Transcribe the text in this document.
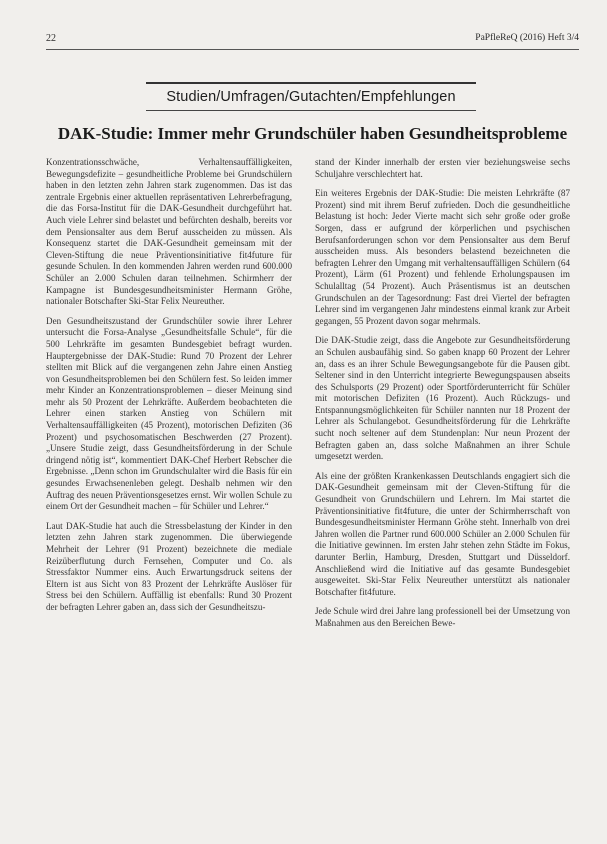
22	PaPfleReQ (2016) Heft 3/4
Studien/Umfragen/Gutachten/Empfehlungen
DAK-Studie: Immer mehr Grundschüler haben Gesundheitsprobleme

Konzentrationsschwäche, Verhaltensauffälligkeiten, Bewegungsdefizite – gesundheitliche Probleme bei Grundschülern haben in den letzten zehn Jahren stark zugenommen. Das ist das zentrale Ergebnis einer aktuellen repräsentativen Lehrerbefragung, die das Forsa-Institut für die DAK-Gesundheit durchgeführt hat. Auch viele Lehrer sind belastet und befürchten deshalb, bereits vor dem Pensionsalter aus dem Beruf ausscheiden zu müssen. Als Konsequenz startet die DAK-Gesundheit gemeinsam mit der Cleven-Stiftung die neue Präventionsinitiative fit4future für gesunde Schulen. In den kommenden Jahren werden rund 600.000 Schüler an 2.000 Schulen daran teilnehmen. Schirmherr der Kampagne ist Bundesgesundheitsminister Hermann Gröhe, nationaler Botschafter Ski-Star Felix Neureuther.

Den Gesundheitszustand der Grundschüler sowie ihrer Lehrer untersucht die Forsa-Analyse „Gesundheitsfalle Schule“, für die 500 Lehrkräfte im gesamten Bundesgebiet befragt wurden. Hauptergebnisse der DAK-Studie: Rund 70 Prozent der Lehrer stellten mit Blick auf die vergangenen zehn Jahre einen Anstieg von Gesundheitsproblemen bei den Schülern fest. So leiden immer mehr Kinder an Konzentrationsproblemen – dieser Meinung sind mehr als 50 Prozent der Lehrkräfte. Außerdem beobachteten die Lehrer einen starken Anstieg von Schülern mit Verhaltensauffälligkeiten (45 Prozent), motorischen Defiziten (36 Prozent) und psychosomatischen Beschwerden (27 Prozent). „Unsere Studie zeigt, dass Gesundheitsförderung in der Schule dringend nötig ist“, kommentiert DAK-Chef Herbert Rebscher die Ergebnisse. „Denn schon im Grundschulalter wird die Basis für ein gesundes Erwachsenenleben gelegt. Deshalb nehmen wir den Auftrag des neuen Präventionsgesetzes ernst. Wir wollen Schule zu einem Ort der Gesundheit machen – für Schüler und Lehrer.“

Laut DAK-Studie hat auch die Stressbelastung der Kinder in den letzten zehn Jahren stark zugenommen. Die überwiegende Mehrheit der Lehrer (91 Prozent) bezeichnete die mediale Reizüberflutung durch Fernsehen, Computer und Co. als Stressfaktor Nummer eins. Auch Erwartungsdruck seitens der Eltern ist aus Sicht von 83 Prozent der Lehrkräfte Auslöser für Stress bei den Schülern. Auffällig ist ebenfalls: Rund 30 Prozent der befragten Lehrer gaben an, dass sich der Gesundheitszu-

stand der Kinder innerhalb der ersten vier beziehungsweise sechs Schuljahre verschlechtert hat.

Ein weiteres Ergebnis der DAK-Studie: Die meisten Lehrkräfte (87 Prozent) sind mit ihrem Beruf zufrieden. Doch die gesundheitliche Belastung ist hoch: Jeder Vierte macht sich sehr große oder große Sorgen, dass er aufgrund der körperlichen und psychischen Berufsanforderungen schon vor dem Pensionsalter aus dem Beruf ausscheiden muss. Als besonders belastend bezeichneten die befragten Lehrer den Umgang mit verhaltensauffälligen Schülern (64 Prozent), Lärm (61 Prozent) und fehlende Erholungspausen im Schulalltag (54 Prozent). Auch Präsentismus ist an deutschen Grundschulen an der Tagesordnung: Fast drei Viertel der befragten Lehrer sind im vergangenen Jahr mindestens einmal krank zur Arbeit gegangen, 55 Prozent davon sogar mehrmals.

Die DAK-Studie zeigt, dass die Angebote zur Gesundheitsförderung an Schulen ausbaufähig sind. So gaben knapp 60 Prozent der Lehrer an, dass es an ihrer Schule Bewegungsangebote für die Pausen gibt. Seltener sind in den Unterricht integrierte Bewegungspausen abseits des Schulsports (29 Prozent) oder Sportförderunterricht für Schüler mit motorischen Defiziten (16 Prozent). Auch Rückzugs- und Entspannungsmöglichkeiten für Schüler nannten nur 18 Prozent der Lehrer als Schulangebot. Gesundheitsförderung für die Lehrkräfte sucht noch seltener auf dem Stundenplan: Nur neun Prozent der Befragten gaben an, dass solche Maßnahmen an ihrer Schule umgesetzt werden.

Als eine der größten Krankenkassen Deutschlands engagiert sich die DAK-Gesundheit gemeinsam mit der Cleven-Stiftung für die Gesundheit von Grundschülern und Lehrern. Im Mai startet die Präventionsinitiative fit4future, die unter der Schirmherrschaft von Bundesgesundheitsminister Hermann Gröhe steht. Innerhalb von drei Jahren wollen die Partner rund 600.000 Schüler an 2.000 Schulen für die Initiative gewinnen. Im ersten Jahr stehen zehn Städte im Fokus, darunter Berlin, Hamburg, Dresden, Stuttgart und Düsseldorf. Anschließend wird die Initiative auf das gesamte Bundesgebiet ausgeweitet. Ski-Star Felix Neureuther unterstützt als nationaler Botschafter fit4future.

Jede Schule wird drei Jahre lang professionell bei der Umsetzung von Maßnahmen aus den Bereichen Bewe-
